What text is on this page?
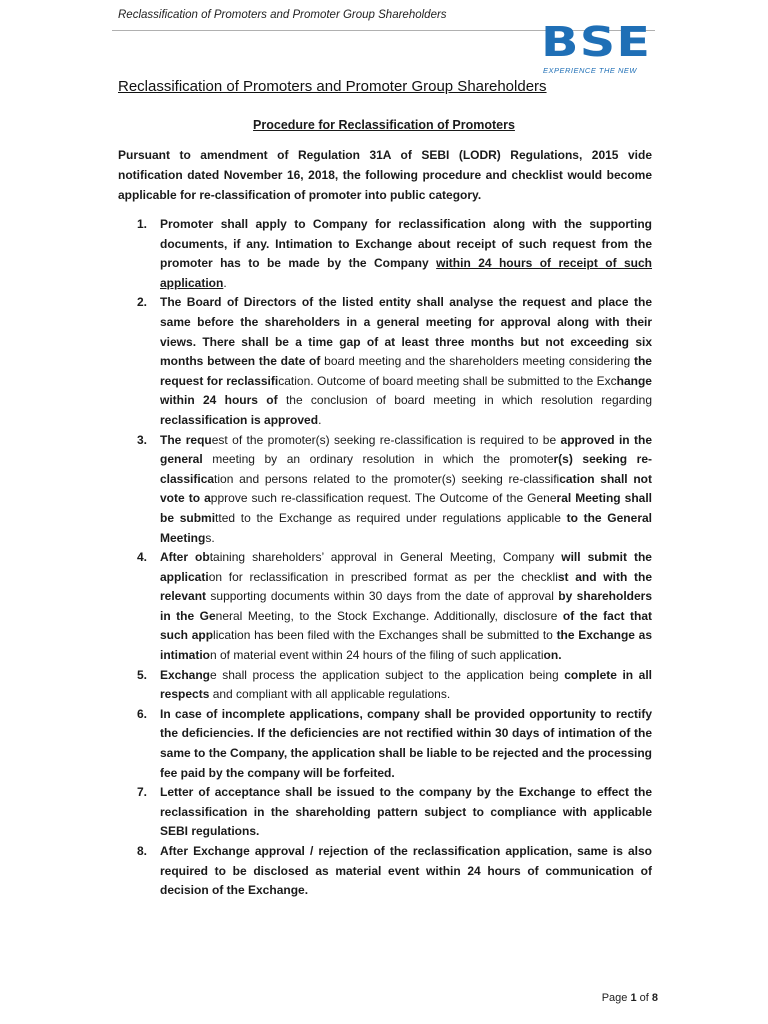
Reclassification of Promoters and Promoter Group Shareholders
BSE
EXPERIENCE THE NEW
Reclassification of Promoters and Promoter Group Shareholders
Procedure for Reclassification of Promoters
Pursuant to amendment of Regulation 31A of SEBI (LODR) Regulations, 2015 vide notification dated November 16, 2018, the following procedure and checklist would become applicable for re-classification of promoter into public category.
1. Promoter shall apply to Company for reclassification along with the supporting documents, if any. Intimation to Exchange about receipt of such request from the promoter has to be made by the Company within 24 hours of receipt of such application.
2. The Board of Directors of the listed entity shall analyse the request and place the same before the shareholders in a general meeting for approval along with their views. There shall be a time gap of at least three months but not exceeding six months between the date of board meeting and the shareholders meeting considering the request for reclassification. Outcome of board meeting shall be submitted to the Exchange within 24 hours of the conclusion of board meeting in which resolution regarding reclassification is approved.
3. The request of the promoter(s) seeking re-classification is required to be approved in the general meeting by an ordinary resolution in which the promoter(s) seeking re-classification and persons related to the promoter(s) seeking re-classification shall not vote to approve such re-classification request. The Outcome of the General Meeting shall be submitted to the Exchange as required under regulations applicable to the General Meetings.
4. After obtaining shareholders’ approval in General Meeting, Company will submit the application for reclassification in prescribed format as per the checklist and with the relevant supporting documents within 30 days from the date of approval by shareholders in the General Meeting, to the Stock Exchange. Additionally, disclosure of the fact that such application has been filed with the Exchanges shall be submitted to the Exchange as intimation of material event within 24 hours of the filing of such application.
5. Exchange shall process the application subject to the application being complete in all respects and compliant with all applicable regulations.
6. In case of incomplete applications, company shall be provided opportunity to rectify the deficiencies. If the deficiencies are not rectified within 30 days of intimation of the same to the Company, the application shall be liable to be rejected and the processing fee paid by the company will be forfeited.
7. Letter of acceptance shall be issued to the company by the Exchange to effect the reclassification in the shareholding pattern subject to compliance with applicable SEBI regulations.
8. After Exchange approval / rejection of the reclassification application, same is also required to be disclosed as material event within 24 hours of communication of decision of the Exchange.
Page 1 of 8
